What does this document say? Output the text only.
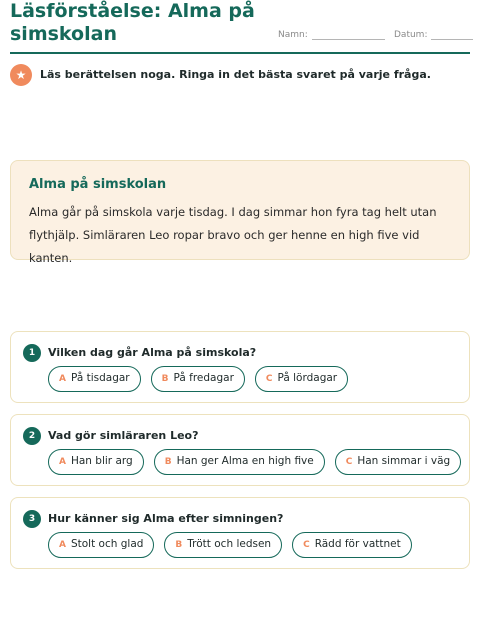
Läsförståelse: Alma på simskolan	Namn:	Datum:
★	Läs berättelsen noga. Ringa in det bästa svaret på varje fråga.
Alma på simskolan
Alma går på simskola varje tisdag. I dag simmar hon fyra tag helt utan flythjälp. Simläraren Leo ropar bravo och ger henne en high five vid kanten.
1	Vilken dag går Alma på simskola?
A På tisdagar	B På fredagar	C På lördagar
2	Vad gör simläraren Leo?
A Han blir arg	B Han ger Alma en high five	C Han simmar i väg
3	Hur känner sig Alma efter simningen?
A Stolt och glad	B Trött och ledsen	C Rädd för vattnet
